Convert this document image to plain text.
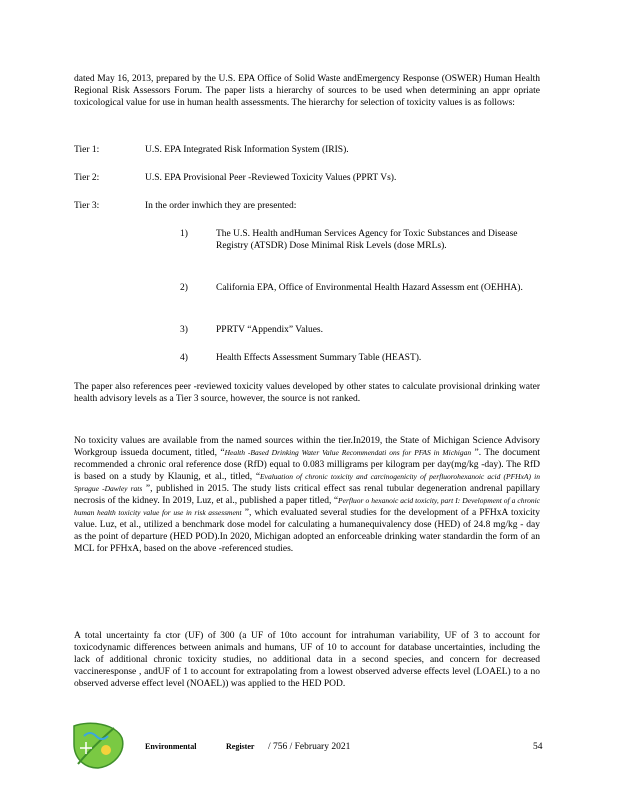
dated May 16, 2013, prepared by the U.S. EPA Office of Solid Waste andEmergency Response (OSWER) Human Health Regional Risk Assessors Forum. The paper lists a hierarchy of sources to be used when determining an appr opriate toxicological value for use in human health assessments. The hierarchy for selection of toxicity values is as follows:

Tier 1:	U.S. EPA Integrated Risk Information System (IRIS).
Tier 2:	U.S. EPA Provisional Peer -Reviewed Toxicity Values (PPRT Vs).
Tier 3:	In the order inwhich they are presented:
1)	The U.S. Health andHuman Services Agency for Toxic Substances and Disease Registry (ATSDR) Dose Minimal Risk Levels (dose MRLs).
2)	California EPA, Office of Environmental Health Hazard Assessm ent (OEHHA).
3)	PPRTV “Appendix” Values.
4)	Health Effects Assessment Summary Table (HEAST).

The paper also references peer -reviewed toxicity values developed by other states to calculate provisional drinking water health advisory levels as a Tier 3 source, however, the source is not ranked.

No toxicity values are available from the named sources within the tier.In2019, the State of Michigan Science Advisory Workgroup issueda document, titled, “Health -Based Drinking Water Value Recommendati ons for PFAS in Michigan ”. The document recommended a chronic oral reference dose (RfD) equal to 0.083 milligrams per kilogram per day(mg/kg -day). The RfD is based on a study by Klaunig, et al., titled, “Evaluation of chronic toxicity and carcinogenicity of perfluorohexanoic acid (PFHxA) in Sprague -Dawley rats ”, published in 2015. The study lists critical effect sas renal tubular degeneration andrenal papillary necrosis of the kidney. In 2019, Luz, et al., published a paper titled, “Perfluor o hexanoic acid toxicity, part I: Development of a chronic human health toxicity value for use in risk assessment ”, which evaluated several studies for the development of a PFHxA toxicity value. Luz, et al., utilized a benchmark dose model for calculating a humanequivalency dose (HED) of 24.8 mg/kg - day as the point of departure (HED POD).In 2020, Michigan adopted an enforceable drinking water standardin the form of an MCL for PFHxA, based on the above -referenced studies.

A total uncertainty fa ctor (UF) of 300 (a UF of 10to account for intrahuman variability, UF of 3 to account for toxicodynamic differences between animals and humans, UF of 10 to account for database uncertainties, including the lack of additional chronic toxicity studies, no additional data in a second species, and concern for decreased vaccineresponse , andUF of 1 to account for extrapolating from a lowest observed adverse effects level (LOAEL) to a no observed adverse effect level (NOAEL)) was applied to the HED POD.

Environmental	Register / 756 / February 2021	54
